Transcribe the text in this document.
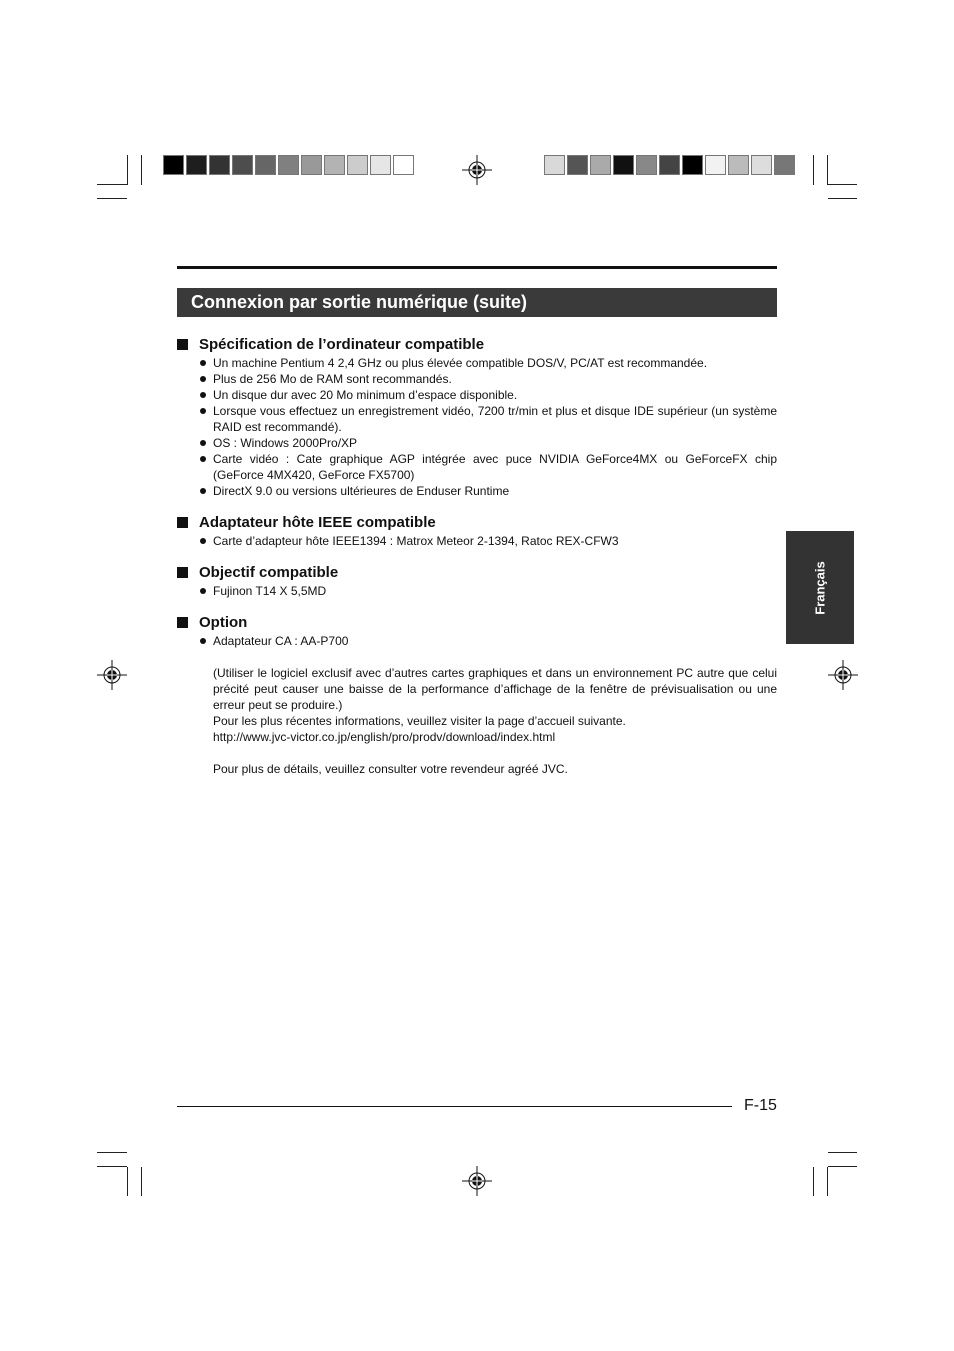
Connexion par sortie numérique (suite)
Spécification de l’ordinateur compatible
Un machine Pentium 4 2,4 GHz ou plus élevée compatible DOS/V, PC/AT est recommandée.
Plus de 256 Mo de RAM sont recommandés.
Un disque dur avec 20 Mo minimum d’espace disponible.
Lorsque vous effectuez un enregistrement vidéo, 7200 tr/min et plus et disque IDE supérieur (un système RAID est recommandé).
OS : Windows 2000Pro/XP
Carte vidéo : Cate graphique AGP intégrée avec puce NVIDIA GeForce4MX ou GeForceFX chip (GeForce 4MX420, GeForce FX5700)
DirectX 9.0 ou versions ultérieures de Enduser Runtime
Adaptateur hôte IEEE compatible
Carte d’adapteur hôte IEEE1394 : Matrox Meteor 2-1394, Ratoc REX-CFW3
Objectif compatible
Fujinon T14 X 5,5MD
Option
Adaptateur CA : AA-P700
(Utiliser le logiciel exclusif avec d’autres cartes graphiques et dans un environnement PC autre que celui précité peut causer une baisse de la performance d’affichage de la fenêtre de prévisualisation ou une erreur peut se produire.)
Pour les plus récentes informations, veuillez visiter la page d’accueil suivante.
http://www.jvc-victor.co.jp/english/pro/prodv/download/index.html
Pour plus de détails, veuillez consulter votre revendeur agréé JVC.
Français
F-15
